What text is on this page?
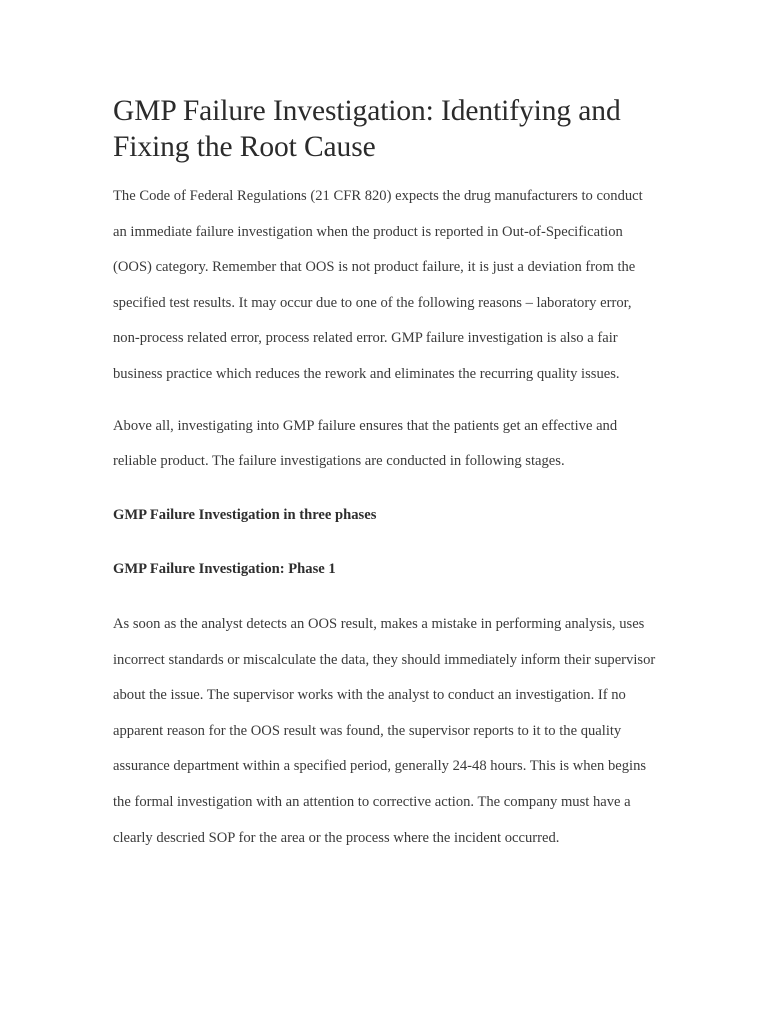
GMP Failure Investigation: Identifying and Fixing the Root Cause

The Code of Federal Regulations (21 CFR 820) expects the drug manufacturers to conduct an immediate failure investigation when the product is reported in Out-of-Specification (OOS) category. Remember that OOS is not product failure, it is just a deviation from the specified test results. It may occur due to one of the following reasons – laboratory error, non-process related error, process related error. GMP failure investigation is also a fair business practice which reduces the rework and eliminates the recurring quality issues.

Above all, investigating into GMP failure ensures that the patients get an effective and reliable product. The failure investigations are conducted in following stages.

GMP Failure Investigation in three phases

GMP Failure Investigation: Phase 1

As soon as the analyst detects an OOS result, makes a mistake in performing analysis, uses incorrect standards or miscalculate the data, they should immediately inform their supervisor about the issue. The supervisor works with the analyst to conduct an investigation. If no apparent reason for the OOS result was found, the supervisor reports to it to the quality assurance department within a specified period, generally 24-48 hours. This is when begins the formal investigation with an attention to corrective action. The company must have a clearly descried SOP for the area or the process where the incident occurred.
